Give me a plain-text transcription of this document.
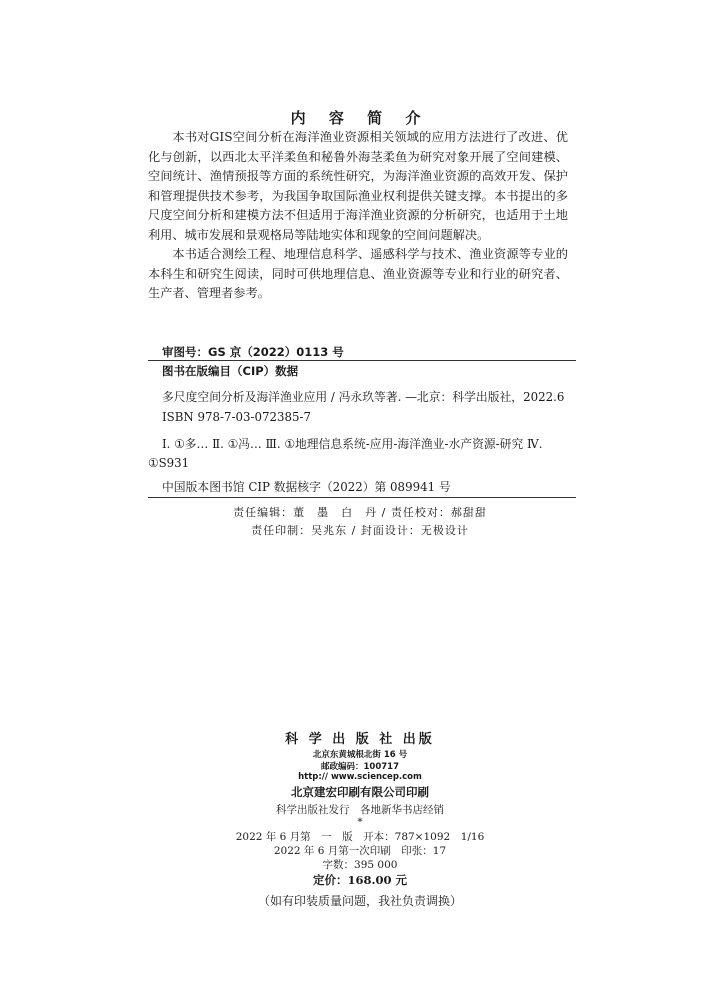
内 容 简 介

本书对GIS空间分析在海洋渔业资源相关领域的应用方法进行了改进、优化与创新，以西北太平洋柔鱼和秘鲁外海茎柔鱼为研究对象开展了空间建模、空间统计、渔情预报等方面的系统性研究，为海洋渔业资源的高效开发、保护和管理提供技术参考，为我国争取国际渔业权利提供关键支撑。本书提出的多尺度空间分析和建模方法不但适用于海洋渔业资源的分析研究，也适用于土地利用、城市发展和景观格局等陆地实体和现象的空间问题解决。

本书适合测绘工程、地理信息科学、遥感科学与技术、渔业资源等专业的本科生和研究生阅读，同时可供地理信息、渔业资源等专业和行业的研究者、生产者、管理者参考。

审图号：GS 京（2022）0113 号
图书在版编目（CIP）数据
多尺度空间分析及海洋渔业应用 / 冯永玖等著. —北京：科学出版社，2022.6
ISBN 978-7-03-072385-7
Ⅰ. ①多… Ⅱ. ①冯… Ⅲ. ①地理信息系统-应用-海洋渔业-水产资源-研究 Ⅳ. ①S931
中国版本图书馆 CIP 数据核字（2022）第 089941 号
责任编辑：董　墨　白　丹 / 责任校对：郝甜甜
责任印制：吴兆东 / 封面设计：无极设计
科 学 出 版 社 出版
北京东黄城根北街 16 号
邮政编码：100717
http:// www.sciencep.com
北京建宏印刷有限公司印刷
科学出版社发行　各地新华书店经销
*
2022 年 6 月第　一　版　开本：787×1092　1/16
2022 年 6 月第一次印刷　印张：17
字数：395 000
定价：168.00 元
（如有印装质量问题，我社负责调换）
